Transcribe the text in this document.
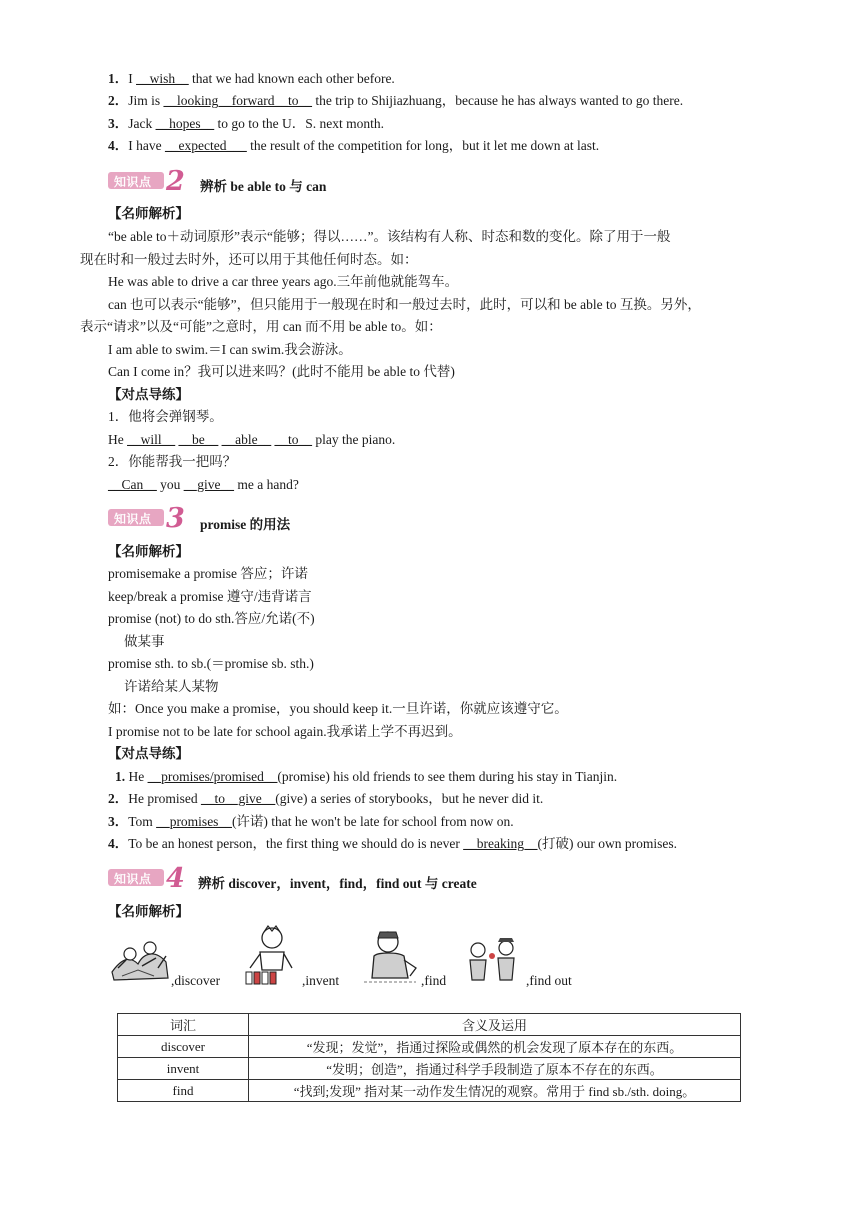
1．I __wish__ that we had known each other before.
2．Jim is __looking__forward__to__ the trip to Shijiazhuang，because he has always wanted to go there.
3．Jack __hopes__ to go to the U．S. next month.
4．I have __expected___ the result of the competition for long，but it let me down at last.
知识点 2 辨析 be able to 与 can
【名师解析】
“be able to＋动词原形”表示“能够；得以……”。该结构有人称、时态和数的变化。除了用于一般
现在时和一般过去时外，还可以用于其他任何时态。如：
He was able to drive a car three years ago.三年前他就能驾车。
can 也可以表示“能够”，但只能用于一般现在时和一般过去时，此时，可以和 be able to 互换。另外，
表示“请求”以及“可能”之意时，用 can 而不用 be able to。如：
I am able to swim.＝I can swim.我会游泳。
Can I come in？我可以进来吗？(此时不能用 be able to 代替)
【对点导练】
1．他将会弹钢琴。
He __will__ __be__ __able__ __to__ play the piano.
2．你能帮我一把吗？
__Can__ you __give__ me a hand?
知识点 3 promise 的用法
【名师解析】
promisemake a promise 答应；许诺
keep/break a promise 遵守/违背诺言
promise (not) to do sth.答应/允诺(不)
做某事
promise sth. to sb.(＝promise sb. sth.)
许诺给某人某物
如：Once you make a promise，you should keep it.一旦许诺，你就应该遵守它。
I promise not to be late for school again.我承诺上学不再迟到。
【对点导练】
1. He __promises/promised__(promise) his old friends to see them during his stay in Tianjin.
2．He promised __to__give__(give) a series of storybooks，but he never did it.
3．Tom __promises__(许诺) that he won't be late for school from now on.
4．To be an honest person，the first thing we should do is never __breaking__(打破) our own promises.
知识点 4 辨析 discover，invent，find，find out 与 create
【名师解析】
,discover	,invent	,find	,find out
词汇	含义及运用
discover	“发现；发觉”，指通过探险或偶然的机会发现了原本存在的东西。
invent	“发明；创造”，指通过科学手段制造了原本不存在的东西。
find	“找到;发现” 指对某一动作发生情况的观察。常用于 find sb./sth. doing。
